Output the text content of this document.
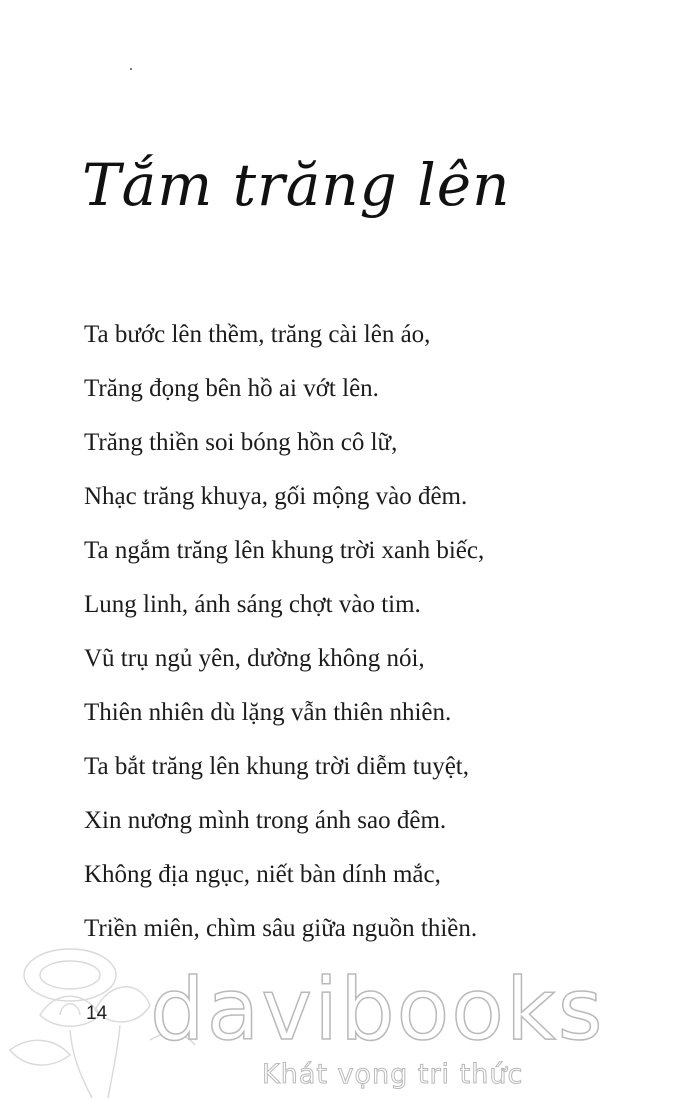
Tắm trăng lên
Ta bước lên thềm, trăng cài lên áo,
Trăng đọng bên hồ ai vớt lên.
Trăng thiền soi bóng hồn cô lữ,
Nhạc trăng khuya, gối mộng vào đêm.
Ta ngắm trăng lên khung trời xanh biếc,
Lung linh, ánh sáng chợt vào tim.
Vũ trụ ngủ yên, dường không nói,
Thiên nhiên dù lặng vẫn thiên nhiên.
Ta bắt trăng lên khung trời diễm tuyệt,
Xin nương mình trong ánh sao đêm.
Không địa ngục, niết bàn dính mắc,
Triền miên, chìm sâu giữa nguồn thiền.
14 davibooks
Khát vọng tri thức
